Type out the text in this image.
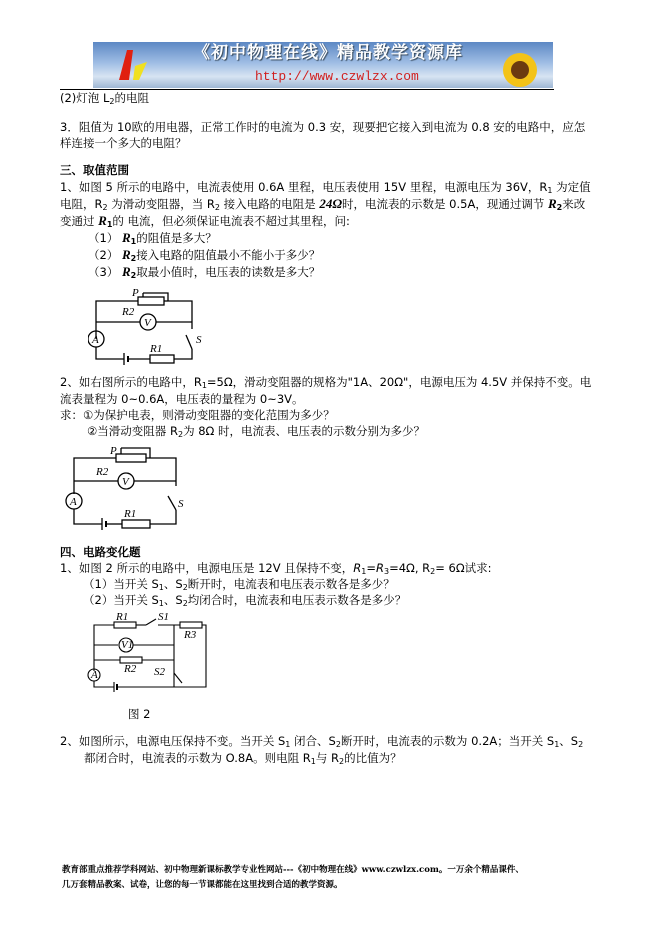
《初中物理在线》精品教学资源库
http://www.czwlzx.com
(2)灯泡 $L_2$的电阻
3．阻值为 10欧的用电器，正常工作时的电流为 0.3 安，现要把它接入到电流为 0.8 安的电路中，应怎
样连接一个多大的电阻？
三、取值范围
1、如图 5 所示的电路中，电流表使用 0.6A 里程，电压表使用 15V 里程，电源电压为 36V，$R_1$ 为定值
电阻，$R_2$ 为滑动变阻器，当 $R_2$ 接入电路的电阻是 24Ω时，电流表的示数是 0.5A，现通过调节 $R_2$来改
变通过 $R_1$的 电流，但必须保证电流表不超过其里程，问:
（1） $R_1$的阻值是多大？
（2） $R_2$接入电路的阻值最小不能小于多少？
（3） $R_2$取最小值时，电压表的读数是多大？
P
R2
V
A
R1
S
2、如右图所示的电路中，$R_1=5\Omega$，滑动变阻器的规格为"1A、20Ω"，电源电压为 4.5V 并保持不变。电
流表量程为 0~0.6A，电压表的量程为 0~3V。
求：①为保护电表，则滑动变阻器的变化范围为多少？
②当滑动变阻器 $R_2$为 8Ω 时，电流表、电压表的示数分别为多少？
P
R2
V
A
R1
S
四、电路变化题
1、如图 2 所示的电路中，电源电压是 12V 且保持不变，$R_1=R_3=4\Omega$, $R_2= 6\Omega$试求:
（1）当开关 $S_1$、$S_2$断开时，电流表和电压表示数各是多少？
（2）当开关 $S_1$、$S_2$均闭合时，电流表和电压表示数各是多少？
R1	S1
R3
V1
R2 S2
A
图 2
2、如图所示，电源电压保持不变。当开关 $S_1$ 闭合、$S_2$断开时，电流表的示数为 0.2A；当开关 $S_1$、$S_2$
都闭合时，电流表的示数为 O.8A。则电阻 $R_1$与 $R_2$的比值为？
教育部重点推荐学科网站、初中物理新课标教学专业性网站---《初中物理在线》www.czwlzx.com。一万余个精品课件、
几万套精品教案、试卷，让您的每一节课都能在这里找到合适的教学资源。
